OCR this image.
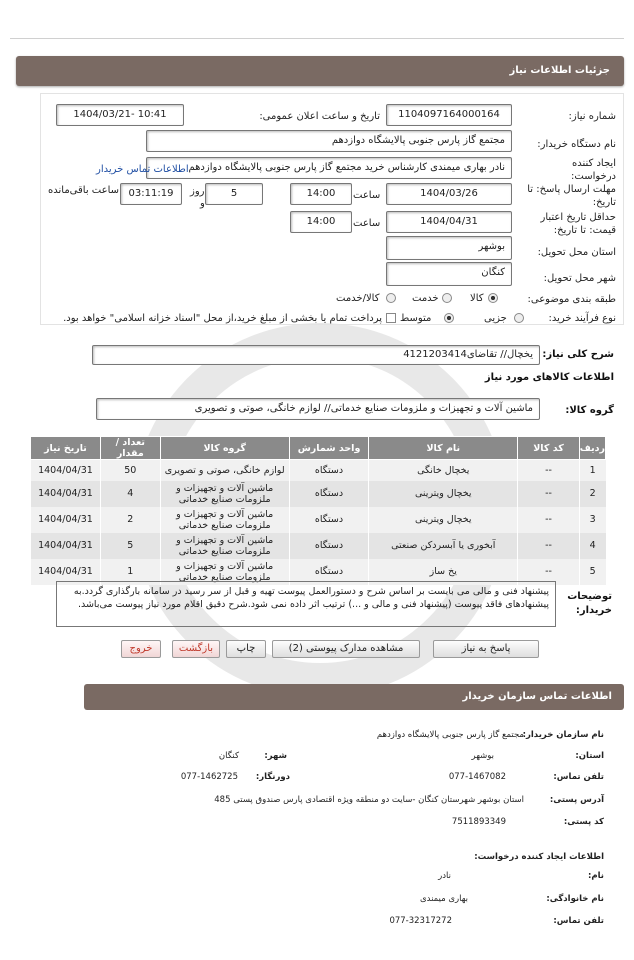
جزئیات اطلاعات نیاز
شماره نیاز:
1104097164000164
تاریخ و ساعت اعلان عمومی:
1404/03/21- 10:41
نام دستگاه خریدار:
مجتمع گاز پارس جنوبی پالایشگاه دوازدهم
ایجاد کننده درخواست:
نادر بهاری میمندی کارشناس خرید مجتمع گاز پارس جنوبی پالایشگاه دوازدهم
اطلاعات تماس خریدار
مهلت ارسال پاسخ: تا تاریخ:
1404/03/26
ساعت
14:00
5
روز
و
03:11:19
ساعت باقی‌مانده
حداقل تاریخ اعتبار قیمت: تا تاریخ:
1404/04/31
ساعت
14:00
استان محل تحویل:
بوشهر
شهر محل تحویل:
کنگان
طبقه بندی موضوعی:
کالا
خدمت
کالا/خدمت
نوع فرآیند خرید:
جزیی
متوسط
پرداخت تمام یا بخشی از مبلغ خرید،از محل "اسناد خزانه اسلامی" خواهد بود.
شرح کلی نیاز:
یخچال// تقاضای4121203414
اطلاعات کالاهای مورد نیاز
گروه کالا:
ماشین آلات و تجهیزات و ملزومات صنایع خدماتی// لوازم خانگی، صوتی و تصویری
ردیف	کد کالا	نام کالا	واحد شمارش	گروه کالا	تعداد / مقدار	تاریخ نیاز
1	--	یخچال خانگی	دستگاه	لوازم خانگی، صوتی و تصویری	50	1404/04/31
2	--	یخچال ویترینی	دستگاه	ماشین آلات و تجهیزات و ملزومات صنایع خدماتی	4	1404/04/31
3	--	یخچال ویترینی	دستگاه	ماشین آلات و تجهیزات و ملزومات صنایع خدماتی	2	1404/04/31
4	--	آبخوری یا آبسردکن صنعتی	دستگاه	ماشین آلات و تجهیزات و ملزومات صنایع خدماتی	5	1404/04/31
5	--	یخ ساز	دستگاه	ماشین آلات و تجهیزات و ملزومات صنایع خدماتی	1	1404/04/31
توضیحات خریدار:
پیشنهاد فنی و مالی می بایست بر اساس شرح و دستورالعمل پیوست تهیه و قبل از سر رسید در سامانه بارگذاری گردد.به پیشنهادهای فاقد پیوست (پیشنهاد فنی و مالی و ...) ترتیب اثر داده نمی شود.شرح دقیق اقلام مورد نیاز پیوست می‌باشد.
پاسخ به نیاز
مشاهده مدارک پیوستی (2)
چاپ
بازگشت
خروج
اطلاعات تماس سازمان خریدار
نام سازمان خریدار:
مجتمع گاز پارس جنوبی پالایشگاه دوازدهم
استان:
بوشهر
شهر:
کنگان
تلفن تماس:
077-1467082
دورنگار:
077-1462725
آدرس پستی:
استان بوشهر شهرستان کنگان -سایت دو منطقه ویژه اقتصادی پارس صندوق پستی 485
کد پستی:
7511893349
اطلاعات ایجاد کننده درخواست:
نام:
نادر
نام خانوادگی:
بهاری میمندی
تلفن تماس:
077-32317272
